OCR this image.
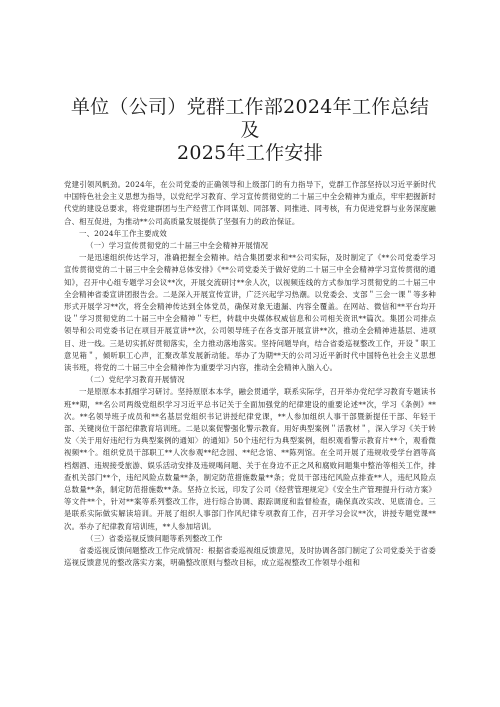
单位（公司）党群工作部2024年工作总结及
2025年工作安排

党建引领风帆劲。2024年，在公司党委的正确领导和上级部门的有力指导下，党群工作部坚持以习近平新时代中国特色社会主义思想为指导，以党纪学习教育、学习宣传贯彻党的二十届三中全会精神为重点，牢牢把握新时代党的建设总要求，将党建群团与生产经营工作同谋划、同部署、同推进、同考核，有力促进党群与业务深度融合、相互促进，为推动**公司高质量发展提供了坚强有力的政治保证。

一、2024年工作主要成效

（一）学习宣传贯彻党的二十届三中全会精神开展情况

一是迅速组织传达学习，准确把握全会精神。结合集团要求和**公司实际，及时制定了《**公司党委学习宣传贯彻党的二十届三中全会精神总体安排》《**公司党委关于做好党的二十届三中全会精神学习宣传贯彻的通知》，召开中心组专题学习会议**次，开展交流研讨**余人次，以视频连线的方式参加学习贯彻党的二十届三中全会精神省委宣讲团报告会。二是深入开展宣传宣讲，广泛兴起学习热潮。以党委会、支部＂三会一课＂等多种形式开展学习**次，将全会精神传达到全体党员，确保对象无遗漏、内容全覆盖。在网站、微信和**平台均开设＂学习贯彻党的二十届三中全会精神＂专栏，转载中央媒体权威信息和公司相关资讯**篇次。集团公司排点领导和公司党委书记在项目开展宣讲**次，公司领导班子在各支部开展宣讲**次，推动全会精神进基层、进项目、进一线。三是切实抓好贯彻落实，全力推动落地落实。坚持问题导向，结合省委巡视整改工作，开设＂职工意见箱＂，倾听职工心声，汇聚改革发展新动能。举办了为期**天的公司习近平新时代中国特色社会主义思想读书班，将党的二十届三中全会精神作为重要学习内容，推动全会精神入脑入心。

（二）党纪学习教育开展情况

一是原原本本抓细学习研讨。坚持原原本本学，融会贯通学，联系实际学，召开举办党纪学习教育专题读书班**期，**名公司两级党组织学习习近平总书记关于全面加强党的纪律建设的重要论述**次，学习《条例》**次。**名领导班子成员和**名基层党组织书记讲授纪律党课，**人参加组织人事干部暨新提任干部、年轻干部、关键岗位干部纪律教育培训班。二是以案促警强化警示教育。用好典型案例＂活教材＂，深入学习《关于转发〈关于用好违纪行为典型案例的通知〉的通知》50个违纪行为典型案例，组织观看警示教育片**个，观看微视频**个。组织党员干部职工**人次参观**纪念园、**纪念馆、**陈列馆。在全司开展了违规收受学台酒等高档烟酒、违规接受旅游、娱乐活动安排及违规喝问题、关于在身边不正之风和腐败问题集中整治等相关工作，排查机关部门**个，违纪风险点数量**条，制定防范措施数量**条；党员干部违纪风险点排查**人，违纪风险点总数量**条，制定防范措施数**条。坚持立长远，印发了公司《经营管理规定》《安全生产管理提升行动方案》等文件**个，针对**案等系列整改工作，进行综合协调、跟踪调度和监督检查，确保真改实改、见底清仓。三是联系实际做实解读培训。开展了组织人事部门作风纪律专项教育工作，召开学习会议**次，讲授专题党课**次。举办了纪律教育培训班，**人参加培训。

（三）省委巡视反馈问题等系列整改工作

省委巡视反馈问题整改工作完成情况：根据省委巡视组反馈意见，及时协调各部门制定了公司党委关于省委巡视反馈意见的整改落实方案，明确整改原则与整改目标，成立巡视整改工作领导小组和
